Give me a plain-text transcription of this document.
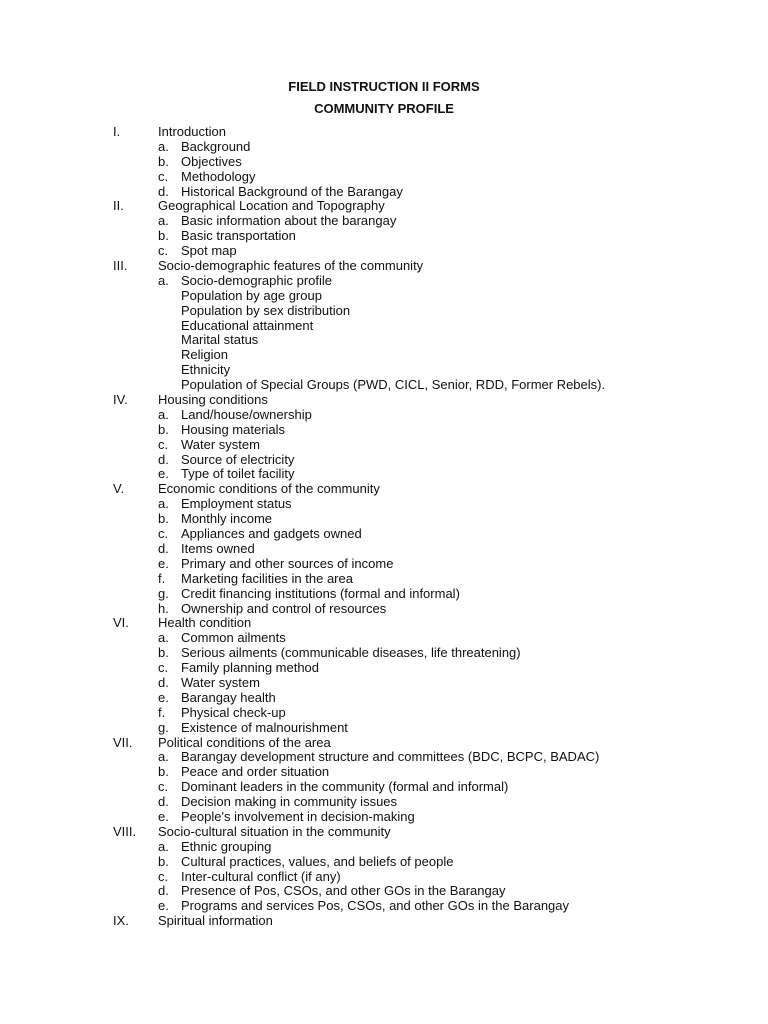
FIELD INSTRUCTION II FORMS
COMMUNITY PROFILE
I.	Introduction
a. Background
b. Objectives
c. Methodology
d. Historical Background of the Barangay
II.	Geographical Location and Topography
a. Basic information about the barangay
b. Basic transportation
c. Spot map
III. Socio-demographic features of the community
a. Socio-demographic profile
Population by age group
Population by sex distribution
Educational attainment
Marital status
Religion
Ethnicity
Population of Special Groups (PWD, CICL, Senior, RDD, Former Rebels).
IV. Housing conditions
a. Land/house/ownership
b. Housing materials
c. Water system
d. Source of electricity
e. Type of toilet facility
V.	Economic conditions of the community
a. Employment status
b. Monthly income
c. Appliances and gadgets owned
d. Items owned
e. Primary and other sources of income
f. Marketing facilities in the area
g. Credit financing institutions (formal and informal)
h. Ownership and control of resources
VI. Health condition
a. Common ailments
b. Serious ailments (communicable diseases, life threatening)
c. Family planning method
d. Water system
e. Barangay health
f. Physical check-up
g. Existence of malnourishment
VII. Political conditions of the area
a. Barangay development structure and committees (BDC, BCPC, BADAC)
b. Peace and order situation
c. Dominant leaders in the community (formal and informal)
d. Decision making in community issues
e. People's involvement in decision-making
VIII. Socio-cultural situation in the community
a. Ethnic grouping
b. Cultural practices, values, and beliefs of people
c. Inter-cultural conflict (if any)
d. Presence of Pos, CSOs, and other GOs in the Barangay
e. Programs and services Pos, CSOs, and other GOs in the Barangay
IX. Spiritual information
